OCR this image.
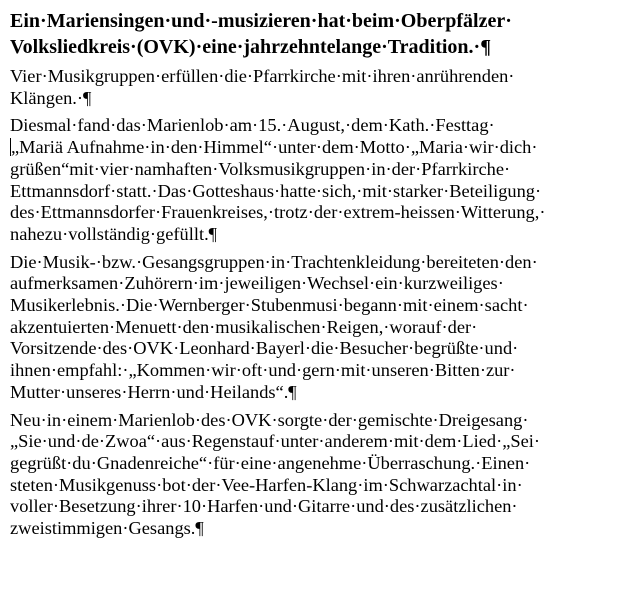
Ein·Mariensingen·und·-musizieren·hat·beim·Oberpfälzer·
Volksliedkreis·(OVK)·eine·jahrzehntelange·Tradition.·¶
Vier·Musikgruppen·erfüllen·die·Pfarrkirche·mit·ihren·anrührenden·
Klängen.·¶
Diesmal·fand·das·Marienlob·am·15.·August,·dem·Kath.·Festtag·
„Mariä Aufnahme·in·den·Himmel“·unter·dem·Motto·„Maria·wir·dich·
grüßen“mit·vier·namhaften·Volksmusikgruppen·in·der·Pfarrkirche·
Ettmannsdorf·statt.·Das·Gotteshaus·hatte·sich,·mit·starker·Beteiligung·
des·Ettmannsdorfer·Frauenkreises,·trotz·der·extrem-heissen·Witterung,·
nahezu·vollständig·gefüllt.¶
Die·Musik-·bzw.·Gesangsgruppen·in·Trachtenkleidung·bereiteten·den·
aufmerksamen·Zuhörern·im·jeweiligen·Wechsel·ein·kurzweiliges·
Musikerlebnis.·Die·Wernberger·Stubenmusi·begann·mit·einem·sacht·
akzentuierten·Menuett·den·musikalischen·Reigen,·worauf·der·
Vorsitzende·des·OVK·Leonhard·Bayerl·die·Besucher·begrüßte·und·
ihnen·empfahl:·„Kommen·wir·oft·und·gern·mit·unseren·Bitten·zur·
Mutter·unseres·Herrn·und·Heilands“.¶
Neu·in·einem·Marienlob·des·OVK·sorgte·der·gemischte·Dreigesang·
„Sie·und·de·Zwoa“·aus·Regenstauf·unter·anderem·mit·dem·Lied·„Sei·
gegrüßt·du·Gnadenreiche“·für·eine·angenehme·Überraschung.·Einen·
steten·Musikgenuss·bot·der·Vee-Harfen-Klang·im·Schwarzachtal·in·
voller·Besetzung·ihrer·10·Harfen·und·Gitarre·und·des·zusätzlichen·
zweistimmigen·Gesangs.¶
